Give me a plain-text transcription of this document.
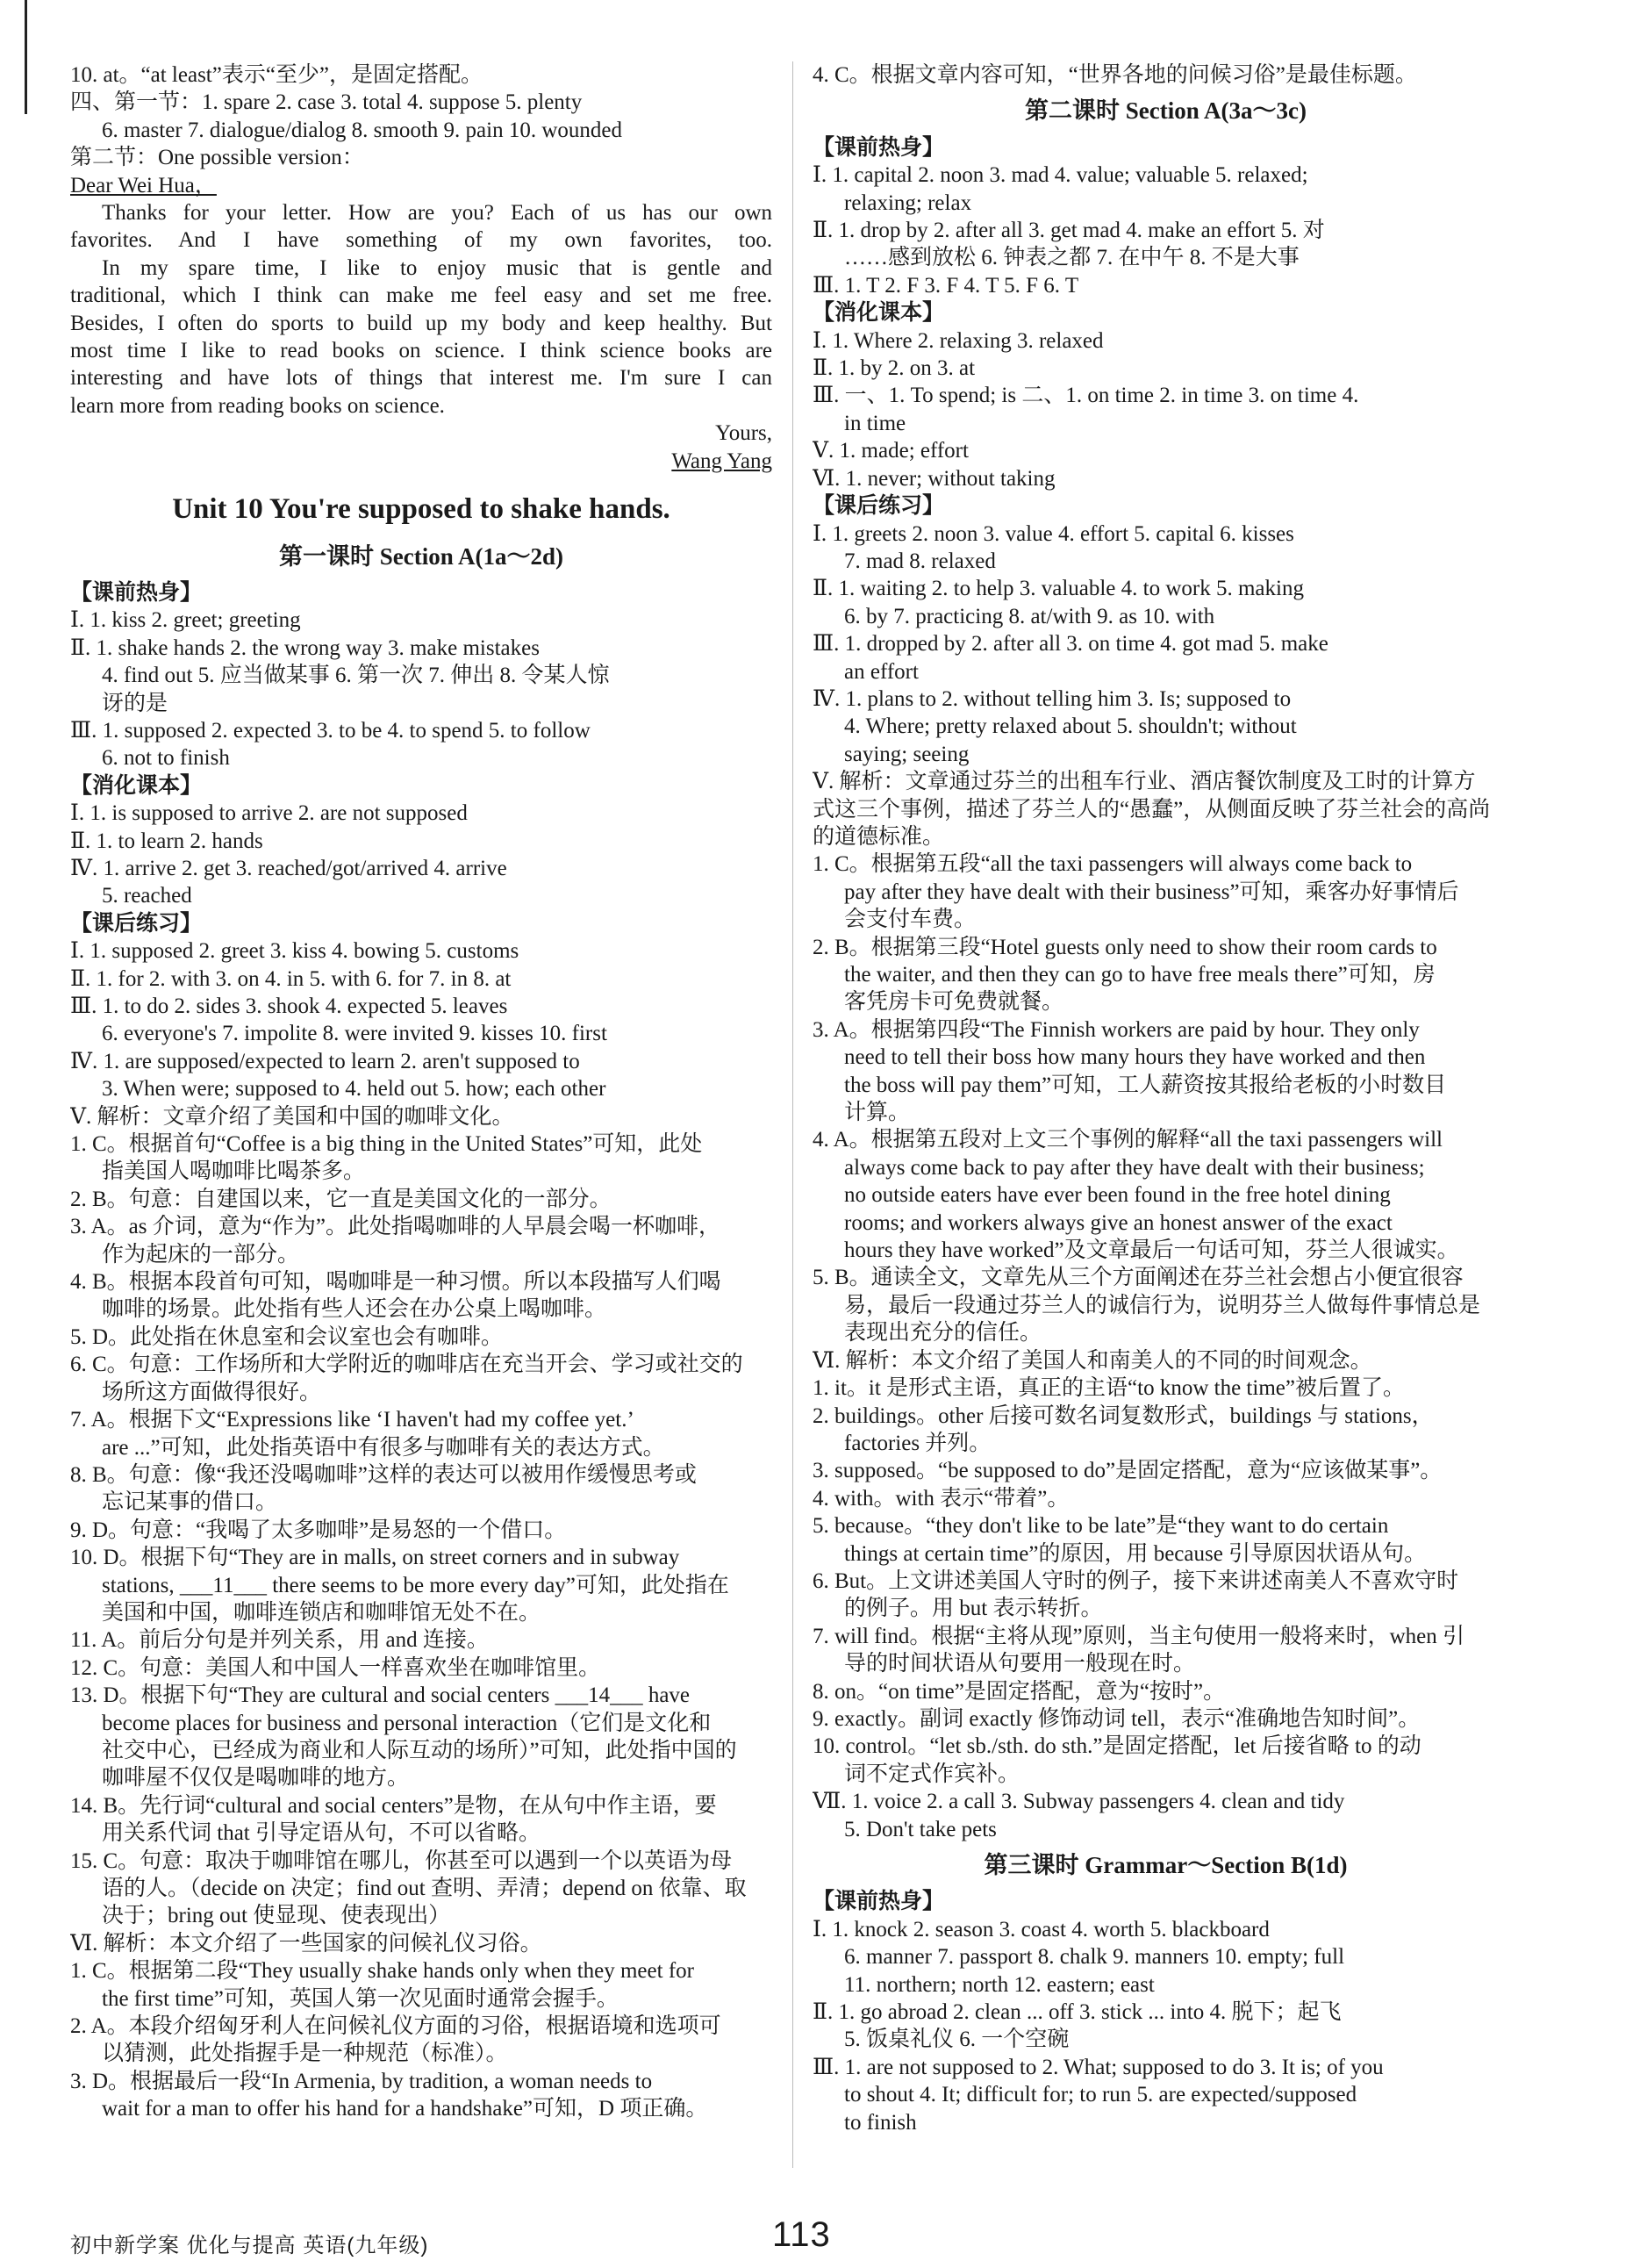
10. at。“at least”表示“至少”，是固定搭配。
四、第一节：1. spare 2. case 3. total 4. suppose 5. plenty
6. master 7. dialogue/dialog 8. smooth 9. pain 10. wounded
第二节：One possible version：
Dear Wei Hua，
Thanks for your letter. How are you? Each of us has our own
favorites. And I have something of my own favorites, too.
In my spare time, I like to enjoy music that is gentle and
traditional, which I think can make me feel easy and set me free.
Besides, I often do sports to build up my body and keep healthy. But
most time I like to read books on science. I think science books are
interesting and have lots of things that interest me. I'm sure I can
learn more from reading books on science.
Yours,
Wang Yang
Unit 10 You're supposed to shake hands.
第一课时 Section A(1a～2d)
【课前热身】
Ⅰ. 1. kiss 2. greet; greeting
Ⅱ. 1. shake hands 2. the wrong way 3. make mistakes
4. find out 5. 应当做某事 6. 第一次 7. 伸出 8. 令某人惊
讶的是
Ⅲ. 1. supposed 2. expected 3. to be 4. to spend 5. to follow
6. not to finish
【消化课本】
Ⅰ. 1. is supposed to arrive 2. are not supposed
Ⅱ. 1. to learn 2. hands
Ⅳ. 1. arrive 2. get 3. reached/got/arrived 4. arrive
5. reached
【课后练习】
Ⅰ. 1. supposed 2. greet 3. kiss 4. bowing 5. customs
Ⅱ. 1. for 2. with 3. on 4. in 5. with 6. for 7. in 8. at
Ⅲ. 1. to do 2. sides 3. shook 4. expected 5. leaves
6. everyone's 7. impolite 8. were invited 9. kisses 10. first
Ⅳ. 1. are supposed/expected to learn 2. aren't supposed to
3. When were; supposed to 4. held out 5. how; each other
Ⅴ. 解析：文章介绍了美国和中国的咖啡文化。
1. C。根据首句“Coffee is a big thing in the United States”可知，此处
指美国人喝咖啡比喝茶多。
2. B。句意：自建国以来，它一直是美国文化的一部分。
3. A。as 介词，意为“作为”。此处指喝咖啡的人早晨会喝一杯咖啡，
作为起床的一部分。
4. B。根据本段首句可知，喝咖啡是一种习惯。所以本段描写人们喝
咖啡的场景。此处指有些人还会在办公桌上喝咖啡。
5. D。此处指在休息室和会议室也会有咖啡。
6. C。句意：工作场所和大学附近的咖啡店在充当开会、学习或社交的
场所这方面做得很好。
7. A。根据下文“Expressions like ‘I haven't had my coffee yet.’
are ...”可知，此处指英语中有很多与咖啡有关的表达方式。
8. B。句意：像“我还没喝咖啡”这样的表达可以被用作缓慢思考或
忘记某事的借口。
9. D。句意：“我喝了太多咖啡”是易怒的一个借口。
10. D。根据下句“They are in malls, on street corners and in subway
stations, ___11___ there seems to be more every day”可知，此处指在
美国和中国，咖啡连锁店和咖啡馆无处不在。
11. A。前后分句是并列关系，用 and 连接。
12. C。句意：美国人和中国人一样喜欢坐在咖啡馆里。
13. D。根据下句“They are cultural and social centers ___14___ have
become places for business and personal interaction（它们是文化和
社交中心，已经成为商业和人际互动的场所）”可知，此处指中国的
咖啡屋不仅仅是喝咖啡的地方。
14. B。先行词“cultural and social centers”是物，在从句中作主语，要
用关系代词 that 引导定语从句，不可以省略。
15. C。句意：取决于咖啡馆在哪儿，你甚至可以遇到一个以英语为母
语的人。（decide on 决定；find out 查明、弄清；depend on 依靠、取
决于；bring out 使显现、使表现出）
Ⅵ. 解析：本文介绍了一些国家的问候礼仪习俗。
1. C。根据第二段“They usually shake hands only when they meet for
the first time”可知，英国人第一次见面时通常会握手。
2. A。本段介绍匈牙利人在问候礼仪方面的习俗，根据语境和选项可
以猜测，此处指握手是一种规范（标准）。
3. D。根据最后一段“In Armenia, by tradition, a woman needs to
wait for a man to offer his hand for a handshake”可知，D 项正确。
4. C。根据文章内容可知，“世界各地的问候习俗”是最佳标题。
第二课时 Section A(3a～3c)
【课前热身】
Ⅰ. 1. capital 2. noon 3. mad 4. value; valuable 5. relaxed;
relaxing; relax
Ⅱ. 1. drop by 2. after all 3. get mad 4. make an effort 5. 对
……感到放松 6. 钟表之都 7. 在中午 8. 不是大事
Ⅲ. 1. T 2. F 3. F 4. T 5. F 6. T
【消化课本】
Ⅰ. 1. Where 2. relaxing 3. relaxed
Ⅱ. 1. by 2. on 3. at
Ⅲ. 一、1. To spend; is 二、1. on time 2. in time 3. on time 4.
in time
Ⅴ. 1. made; effort
Ⅵ. 1. never; without taking
【课后练习】
Ⅰ. 1. greets 2. noon 3. value 4. effort 5. capital 6. kisses
7. mad 8. relaxed
Ⅱ. 1. waiting 2. to help 3. valuable 4. to work 5. making
6. by 7. practicing 8. at/with 9. as 10. with
Ⅲ. 1. dropped by 2. after all 3. on time 4. got mad 5. make
an effort
Ⅳ. 1. plans to 2. without telling him 3. Is; supposed to
4. Where; pretty relaxed about 5. shouldn't; without
saying; seeing
Ⅴ. 解析：文章通过芬兰的出租车行业、酒店餐饮制度及工时的计算方
式这三个事例，描述了芬兰人的“愚蠢”，从侧面反映了芬兰社会的高尚
的道德标准。
1. C。根据第五段“all the taxi passengers will always come back to
pay after they have dealt with their business”可知，乘客办好事情后
会支付车费。
2. B。根据第三段“Hotel guests only need to show their room cards to
the waiter, and then they can go to have free meals there”可知，房
客凭房卡可免费就餐。
3. A。根据第四段“The Finnish workers are paid by hour. They only
need to tell their boss how many hours they have worked and then
the boss will pay them”可知，工人薪资按其报给老板的小时数目
计算。
4. A。根据第五段对上文三个事例的解释“all the taxi passengers will
always come back to pay after they have dealt with their business;
no outside eaters have ever been found in the free hotel dining
rooms; and workers always give an honest answer of the exact
hours they have worked”及文章最后一句话可知，芬兰人很诚实。
5. B。通读全文，文章先从三个方面阐述在芬兰社会想占小便宜很容
易，最后一段通过芬兰人的诚信行为，说明芬兰人做每件事情总是
表现出充分的信任。
Ⅵ. 解析：本文介绍了美国人和南美人的不同的时间观念。
1. it。it 是形式主语，真正的主语“to know the time”被后置了。
2. buildings。other 后接可数名词复数形式，buildings 与 stations，
factories 并列。
3. supposed。“be supposed to do”是固定搭配，意为“应该做某事”。
4. with。with 表示“带着”。
5. because。“they don't like to be late”是“they want to do certain
things at certain time”的原因，用 because 引导原因状语从句。
6. But。上文讲述美国人守时的例子，接下来讲述南美人不喜欢守时
的例子。用 but 表示转折。
7. will find。根据“主将从现”原则，当主句使用一般将来时，when 引
导的时间状语从句要用一般现在时。
8. on。“on time”是固定搭配，意为“按时”。
9. exactly。副词 exactly 修饰动词 tell，表示“准确地告知时间”。
10. control。“let sb./sth. do sth.”是固定搭配，let 后接省略 to 的动
词不定式作宾补。
Ⅶ. 1. voice 2. a call 3. Subway passengers 4. clean and tidy
5. Don't take pets
第三课时 Grammar～Section B(1d)
【课前热身】
Ⅰ. 1. knock 2. season 3. coast 4. worth 5. blackboard
6. manner 7. passport 8. chalk 9. manners 10. empty; full
11. northern; north 12. eastern; east
Ⅱ. 1. go abroad 2. clean ... off 3. stick ... into 4. 脱下；起飞
5. 饭桌礼仪 6. 一个空碗
Ⅲ. 1. are not supposed to 2. What; supposed to do 3. It is; of you
to shout 4. It; difficult for; to run 5. are expected/supposed
to finish
113
初中新学案 优化与提高 英语(九年级)
